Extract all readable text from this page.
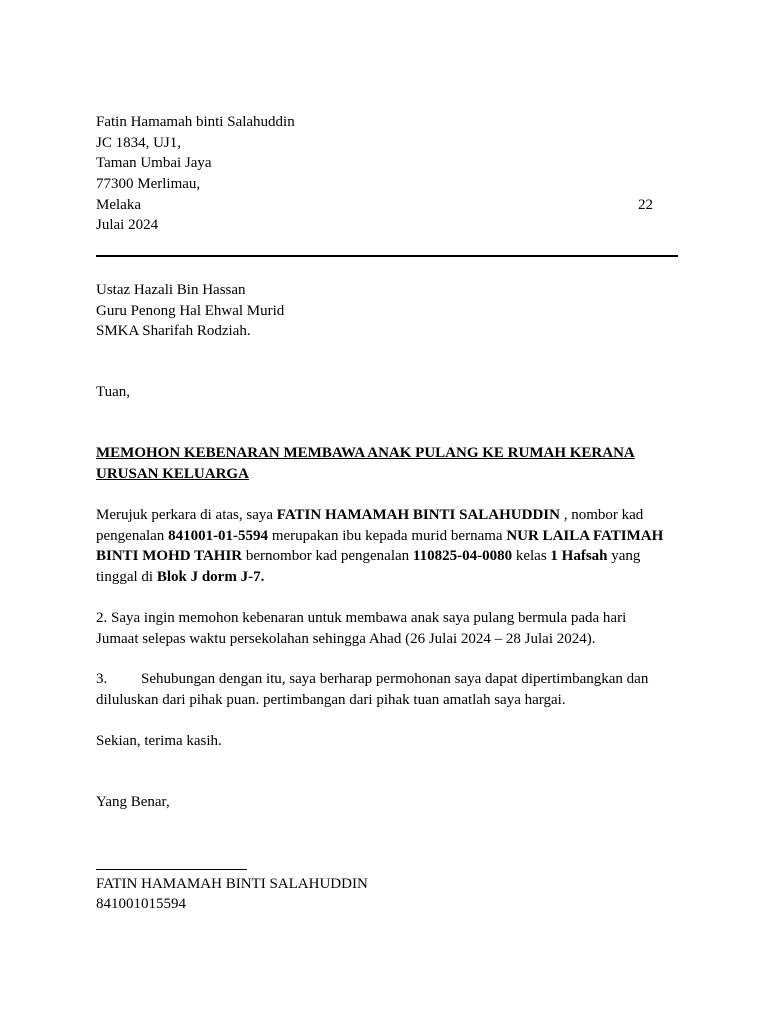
Fatin Hamamah binti Salahuddin
JC 1834, UJ1,
Taman Umbai Jaya
77300 Merlimau,
Melaka	22
Julai 2024
Ustaz Hazali Bin Hassan
Guru Penong Hal Ehwal Murid
SMKA Sharifah Rodziah.
Tuan,
MEMOHON KEBENARAN MEMBAWA ANAK PULANG KE RUMAH KERANA
URUSAN KELUARGA
Merujuk perkara di atas, saya FATIN HAMAMAH BINTI SALAHUDDIN , nombor kad pengenalan 841001-01-5594 merupakan ibu kepada murid bernama NUR LAILA FATIMAH BINTI MOHD TAHIR bernombor kad pengenalan 110825-04-0080 kelas 1 Hafsah yang tinggal di Blok J dorm J-7.
2. Saya ingin memohon kebenaran untuk membawa anak saya pulang bermula pada hari Jumaat selepas waktu persekolahan sehingga Ahad (26 Julai 2024 – 28 Julai 2024).
3. Sehubungan dengan itu, saya berharap permohonan saya dapat dipertimbangkan dan diluluskan dari pihak puan. pertimbangan dari pihak tuan amatlah saya hargai.
Sekian, terima kasih.
Yang Benar,
FATIN HAMAMAH BINTI SALAHUDDIN
841001015594
